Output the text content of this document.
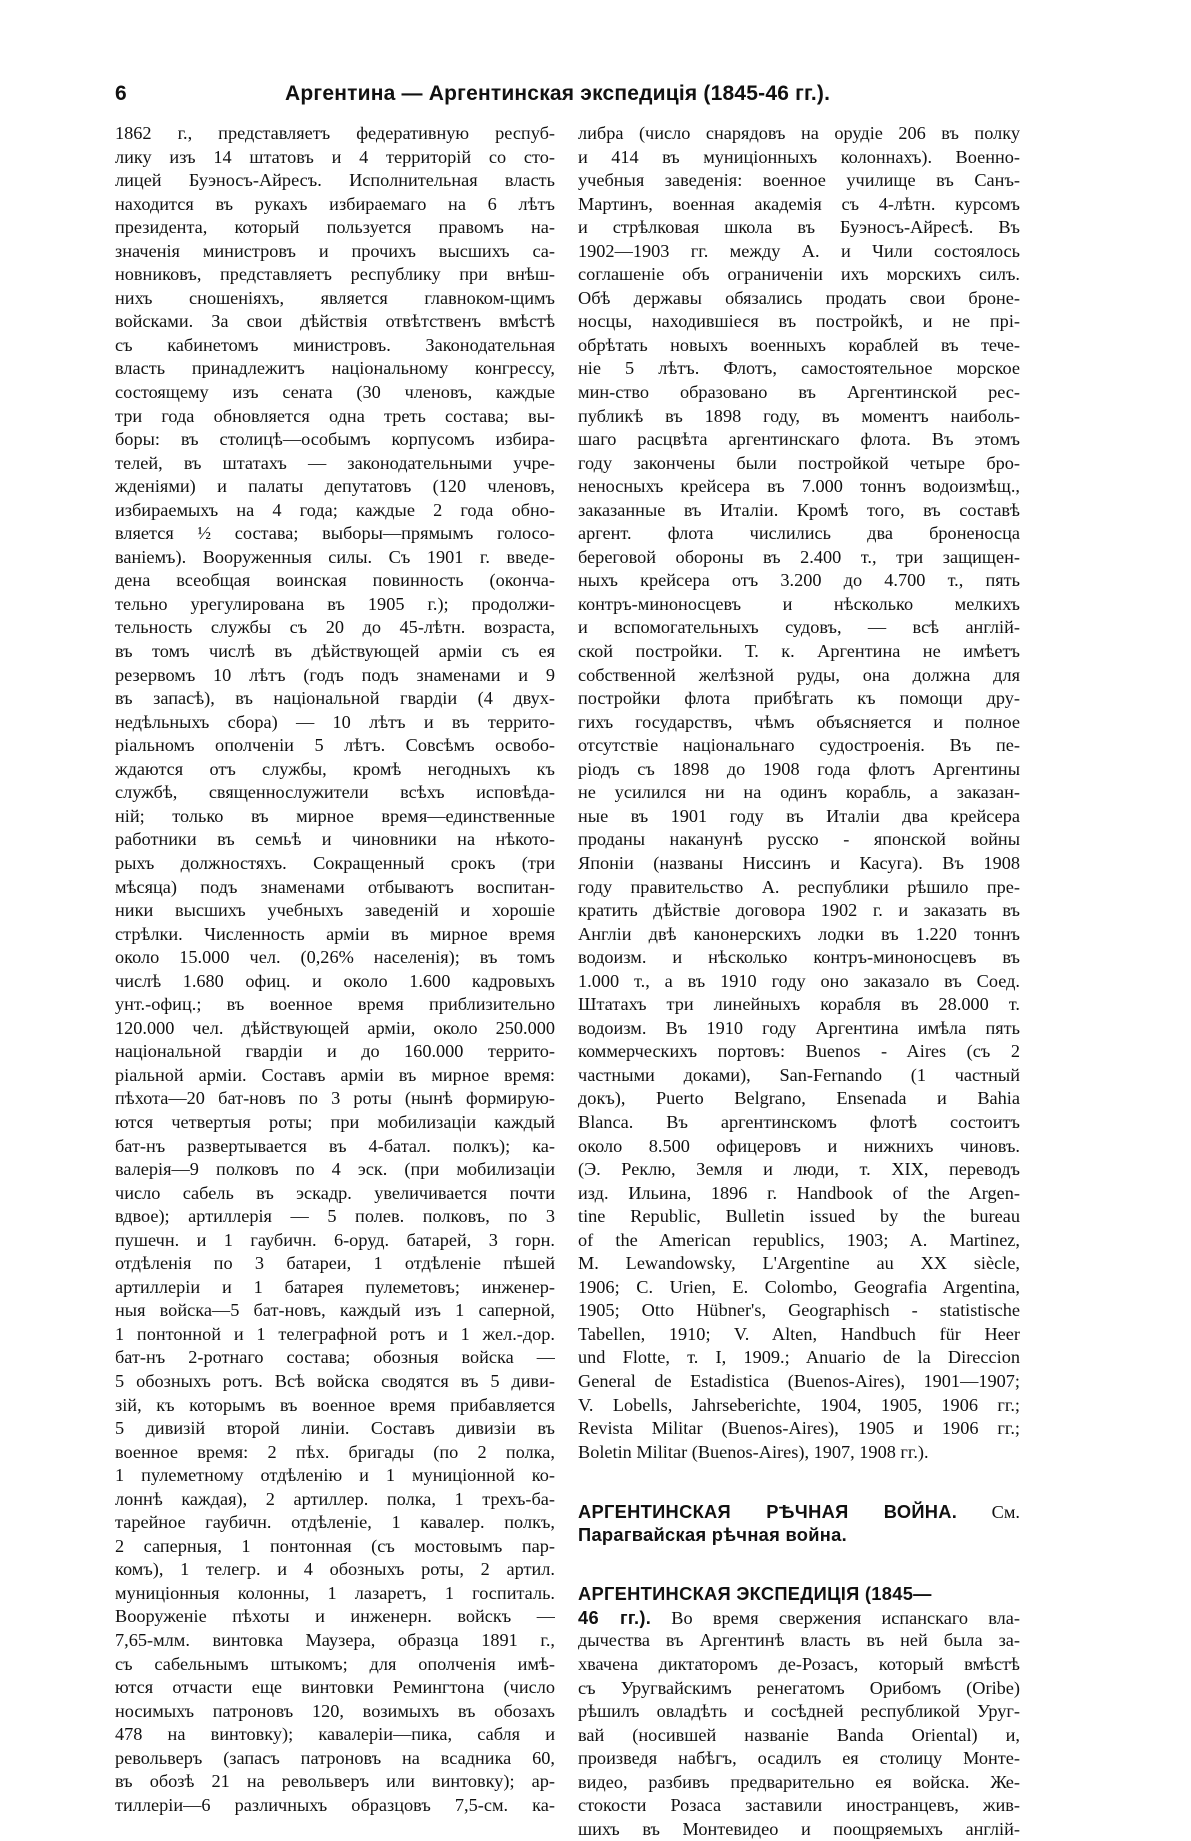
6	Аргентина — Аргентинская экспедиція (1845-46 гг.).
1862 г., представляетъ федеративную респуб-
лику изъ 14 штатовъ и 4 территорій со сто-
лицей Буэносъ-Айресъ. Исполнительная власть
находится въ рукахъ избираемаго на 6 лѣтъ
президента, который пользуется правомъ на-
значенія министровъ и прочихъ высшихъ са-
новниковъ, представляетъ республику при внѣш-
нихъ сношеніяхъ, является главноком-щимъ
войсками. За свои дѣйствія отвѣтственъ вмѣстѣ
съ кабинетомъ министровъ. Законодательная
власть принадлежитъ національному конгрессу,
состоящему изъ сената (30 членовъ, каждые
три года обновляется одна треть состава; вы-
боры: въ столицѣ—особымъ корпусомъ избира-
телей, въ штатахъ — законодательными учре-
жденіями) и палаты депутатовъ (120 членовъ,
избираемыхъ на 4 года; каждые 2 года обно-
вляется ½ состава; выборы—прямымъ голосо-
ваніемъ). Вооруженныя силы. Съ 1901 г. введе-
дена всеобщая воинская повинность (оконча-
тельно урегулирована въ 1905 г.); продолжи-
тельность службы съ 20 до 45-лѣтн. возраста,
въ томъ числѣ въ дѣйствующей арміи съ ея
резервомъ 10 лѣтъ (годъ подъ знаменами и 9
въ запасѣ), въ національной гвардіи (4 двух-
недѣльныхъ сбора) — 10 лѣтъ и въ террито-
ріальномъ ополченіи 5 лѣтъ. Совсѣмъ освобо-
ждаются отъ службы, кромѣ негодныхъ къ
службѣ, священнослужители всѣхъ исповѣда-
ній; только въ мирное время—единственные
работники въ семьѣ и чиновники на нѣкото-
рыхъ должностяхъ. Сокращенный срокъ (три
мѣсяца) подъ знаменами отбываютъ воспитан-
ники высшихъ учебныхъ заведеній и хорошіе
стрѣлки. Численность арміи въ мирное время
около 15.000 чел. (0,26% населенія); въ томъ
числѣ 1.680 офиц. и около 1.600 кадровыхъ
унт.-офиц.; въ военное время приблизительно
120.000 чел. дѣйствующей арміи, около 250.000
національной гвардіи и до 160.000 террито-
ріальной арміи. Составъ арміи въ мирное время:
пѣхота—20 бат-новъ по 3 роты (нынѣ формирую-
ются четвертыя роты; при мобилизаціи каждый
бат-нъ развертывается въ 4-батал. полкъ); ка-
валерія—9 полковъ по 4 эск. (при мобилизаціи
число сабель въ эскадр. увеличивается почти
вдвое); артиллерія — 5 полев. полковъ, по 3
пушечн. и 1 гаубичн. 6-оруд. батарей, 3 горн.
отдѣленія по 3 батареи, 1 отдѣленіе пѣшей
артиллеріи и 1 батарея пулеметовъ; инженер-
ныя войска—5 бат-новъ, каждый изъ 1 саперной,
1 понтонной и 1 телеграфной ротъ и 1 жел.-дор.
бат-нъ 2-ротнаго состава; обозныя войска —
5 обозныхъ ротъ. Всѣ войска сводятся въ 5 диви-
зій, къ которымъ въ военное время прибавляется
5 дивизій второй линіи. Составъ дивизіи въ
военное время: 2 пѣх. бригады (по 2 полка,
1 пулеметному отдѣленію и 1 муниціонной ко-
лоннѣ каждая), 2 артиллер. полка, 1 трехъ-ба-
тарейное гаубичн. отдѣленіе, 1 кавалер. полкъ,
2 саперныя, 1 понтонная (съ мостовымъ пар-
комъ), 1 телегр. и 4 обозныхъ роты, 2 артил.
муниціонныя колонны, 1 лазаретъ, 1 госпиталь.
Вооруженіе пѣхоты и инженерн. войскъ —
7,65-млм. винтовка Маузера, образца 1891 г.,
съ сабельнымъ штыкомъ; для ополченія имѣ-
ются отчасти еще винтовки Ремингтона (число
носимыхъ патроновъ 120, возимыхъ въ обозахъ
478 на винтовку); кавалеріи—пика, сабля и
револьверъ (запасъ патроновъ на всадника 60,
въ обозѣ 21 на револьверъ или винтовку); ар-
тиллеріи—6 различныхъ образцовъ 7,5-см. ка-
либра (число снарядовъ на орудіе 206 въ полку
и 414 въ муниціонныхъ колоннахъ). Военно-
учебныя заведенія: военное училище въ Санъ-
Мартинъ, военная академія съ 4-лѣтн. курсомъ
и стрѣлковая школа въ Буэносъ-Айресѣ. Въ
1902—1903 гг. между А. и Чили состоялось
соглашеніе объ ограниченіи ихъ морскихъ силъ.
Обѣ державы обязались продать свои броне-
носцы, находившіеся въ постройкѣ, и не прі-
обрѣтать новыхъ военныхъ кораблей въ тече-
ніе 5 лѣтъ. Флотъ, самостоятельное морское
мин-ство образовано въ Аргентинской рес-
публикѣ въ 1898 году, въ моментъ наиболь-
шаго расцвѣта аргентинскаго флота. Въ этомъ
году закончены были постройкой четыре бро-
неносныхъ крейсера въ 7.000 тоннъ водоизмѣщ.,
заказанные въ Италіи. Кромѣ того, въ составѣ
аргент. флота числились два броненосца
береговой обороны въ 2.400 т., три защищен-
ныхъ крейсера отъ 3.200 до 4.700 т., пять
контръ-миноносцевъ и нѣсколько мелкихъ
и вспомогательныхъ судовъ, — всѣ англій-
ской постройки. Т. к. Аргентина не имѣетъ
собственной желѣзной руды, она должна для
постройки флота прибѣгать къ помощи дру-
гихъ государствъ, чѣмъ объясняется и полное
отсутствіе національнаго судостроенія. Въ пе-
ріодъ съ 1898 до 1908 года флотъ Аргентины
не усилился ни на одинъ корабль, а заказан-
ные въ 1901 году въ Италіи два крейсера
проданы наканунѣ русско - японской войны
Японіи (названы Ниссинъ и Касуга). Въ 1908
году правительство А. республики рѣшило пре-
кратить дѣйствіе договора 1902 г. и заказать въ
Англіи двѣ канонерскихъ лодки въ 1.220 тоннъ
водоизм. и нѣсколько контръ-миноносцевъ въ
1.000 т., а въ 1910 году оно заказало въ Соед.
Штатахъ три линейныхъ корабля въ 28.000 т.
водоизм. Въ 1910 году Аргентина имѣла пять
коммерческихъ портовъ: Buenos - Aires (съ 2
частными доками), San-Fernando (1 частный
докъ), Puerto Belgrano, Ensenada и Bahia
Blanca. Въ аргентинскомъ флотѣ состоитъ
около 8.500 офицеровъ и нижнихъ чиновъ.
(Э. Реклю, Земля и люди, т. XIX, переводъ
изд. Ильина, 1896 г. Handbook of the Argen-
tine Republic, Bulletin issued by the bureau
of the American republics, 1903; A. Martinez,
M. Lewandowsky, L'Argentine au XX siècle,
1906; C. Urien, E. Colombo, Geografia Argentina,
1905; Otto Hübner's, Geographisch - statistische
Tabellen, 1910; V. Alten, Handbuch für Heer
und Flotte, т. I, 1909.; Anuario de la Direccion
General de Estadistica (Buenos-Aires), 1901—1907;
V. Lobells, Jahrseberichte, 1904, 1905, 1906 гг.;
Revista Militar (Buenos-Aires), 1905 и 1906 гг.;
Boletin Militar (Buenos-Aires), 1907, 1908 гг.).
АРГЕНТИНСКАЯ РѢЧНАЯ ВОЙНА. См.
Парагвайская рѣчная война.
АРГЕНТИНСКАЯ ЭКСПЕДИЦІЯ (1845—
46 гг.). Во время свержения испанскаго вла-
дычества въ Аргентинѣ власть въ ней была за-
хвачена диктаторомъ де-Розасъ, который вмѣстѣ
съ Уругвайскимъ ренегатомъ Орибомъ (Oribe)
рѣшилъ овладѣть и сосѣдней республикой Уруг-
вай (носившей названіе Banda Oriental) и,
произведя набѣгъ, осадилъ ея столицу Монте-
видео, разбивъ предварительно ея войска. Же-
стокости Розаса заставили иностранцевъ, жив-
шихъ въ Монтевидео и поощряемыхъ англій-
